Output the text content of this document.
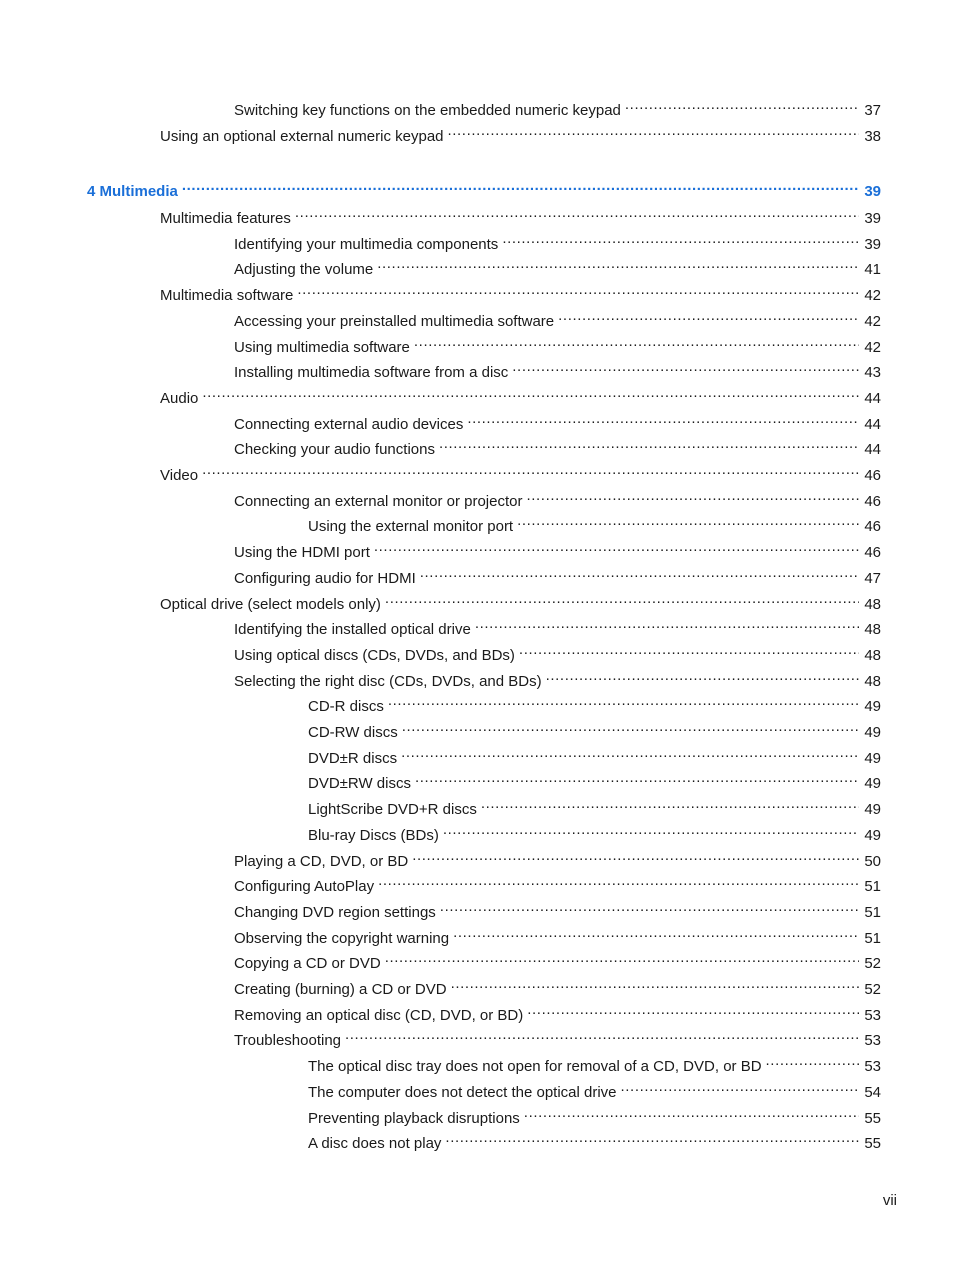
Switching key functions on the embedded numeric keypad .....	37
Using an optional external numeric keypad .....	38
4 Multimedia .....	39
Multimedia features .....	39
Identifying your multimedia components .....	39
Adjusting the volume .....	41
Multimedia software .....	42
Accessing your preinstalled multimedia software .....	42
Using multimedia software .....	42
Installing multimedia software from a disc .....	43
Audio .....	44
Connecting external audio devices .....	44
Checking your audio functions .....	44
Video .....	46
Connecting an external monitor or projector .....	46
Using the external monitor port .....	46
Using the HDMI port .....	46
Configuring audio for HDMI .....	47
Optical drive (select models only) .....	48
Identifying the installed optical drive .....	48
Using optical discs (CDs, DVDs, and BDs) .....	48
Selecting the right disc (CDs, DVDs, and BDs) .....	48
CD-R discs .....	49
CD-RW discs .....	49
DVD±R discs .....	49
DVD±RW discs .....	49
LightScribe DVD+R discs .....	49
Blu-ray Discs (BDs) .....	49
Playing a CD, DVD, or BD .....	50
Configuring AutoPlay .....	51
Changing DVD region settings .....	51
Observing the copyright warning .....	51
Copying a CD or DVD .....	52
Creating (burning) a CD or DVD .....	52
Removing an optical disc (CD, DVD, or BD) .....	53
Troubleshooting .....	53
The optical disc tray does not open for removal of a CD, DVD, or BD .....	53
The computer does not detect the optical drive .....	54
Preventing playback disruptions .....	55
A disc does not play .....	55
vii
